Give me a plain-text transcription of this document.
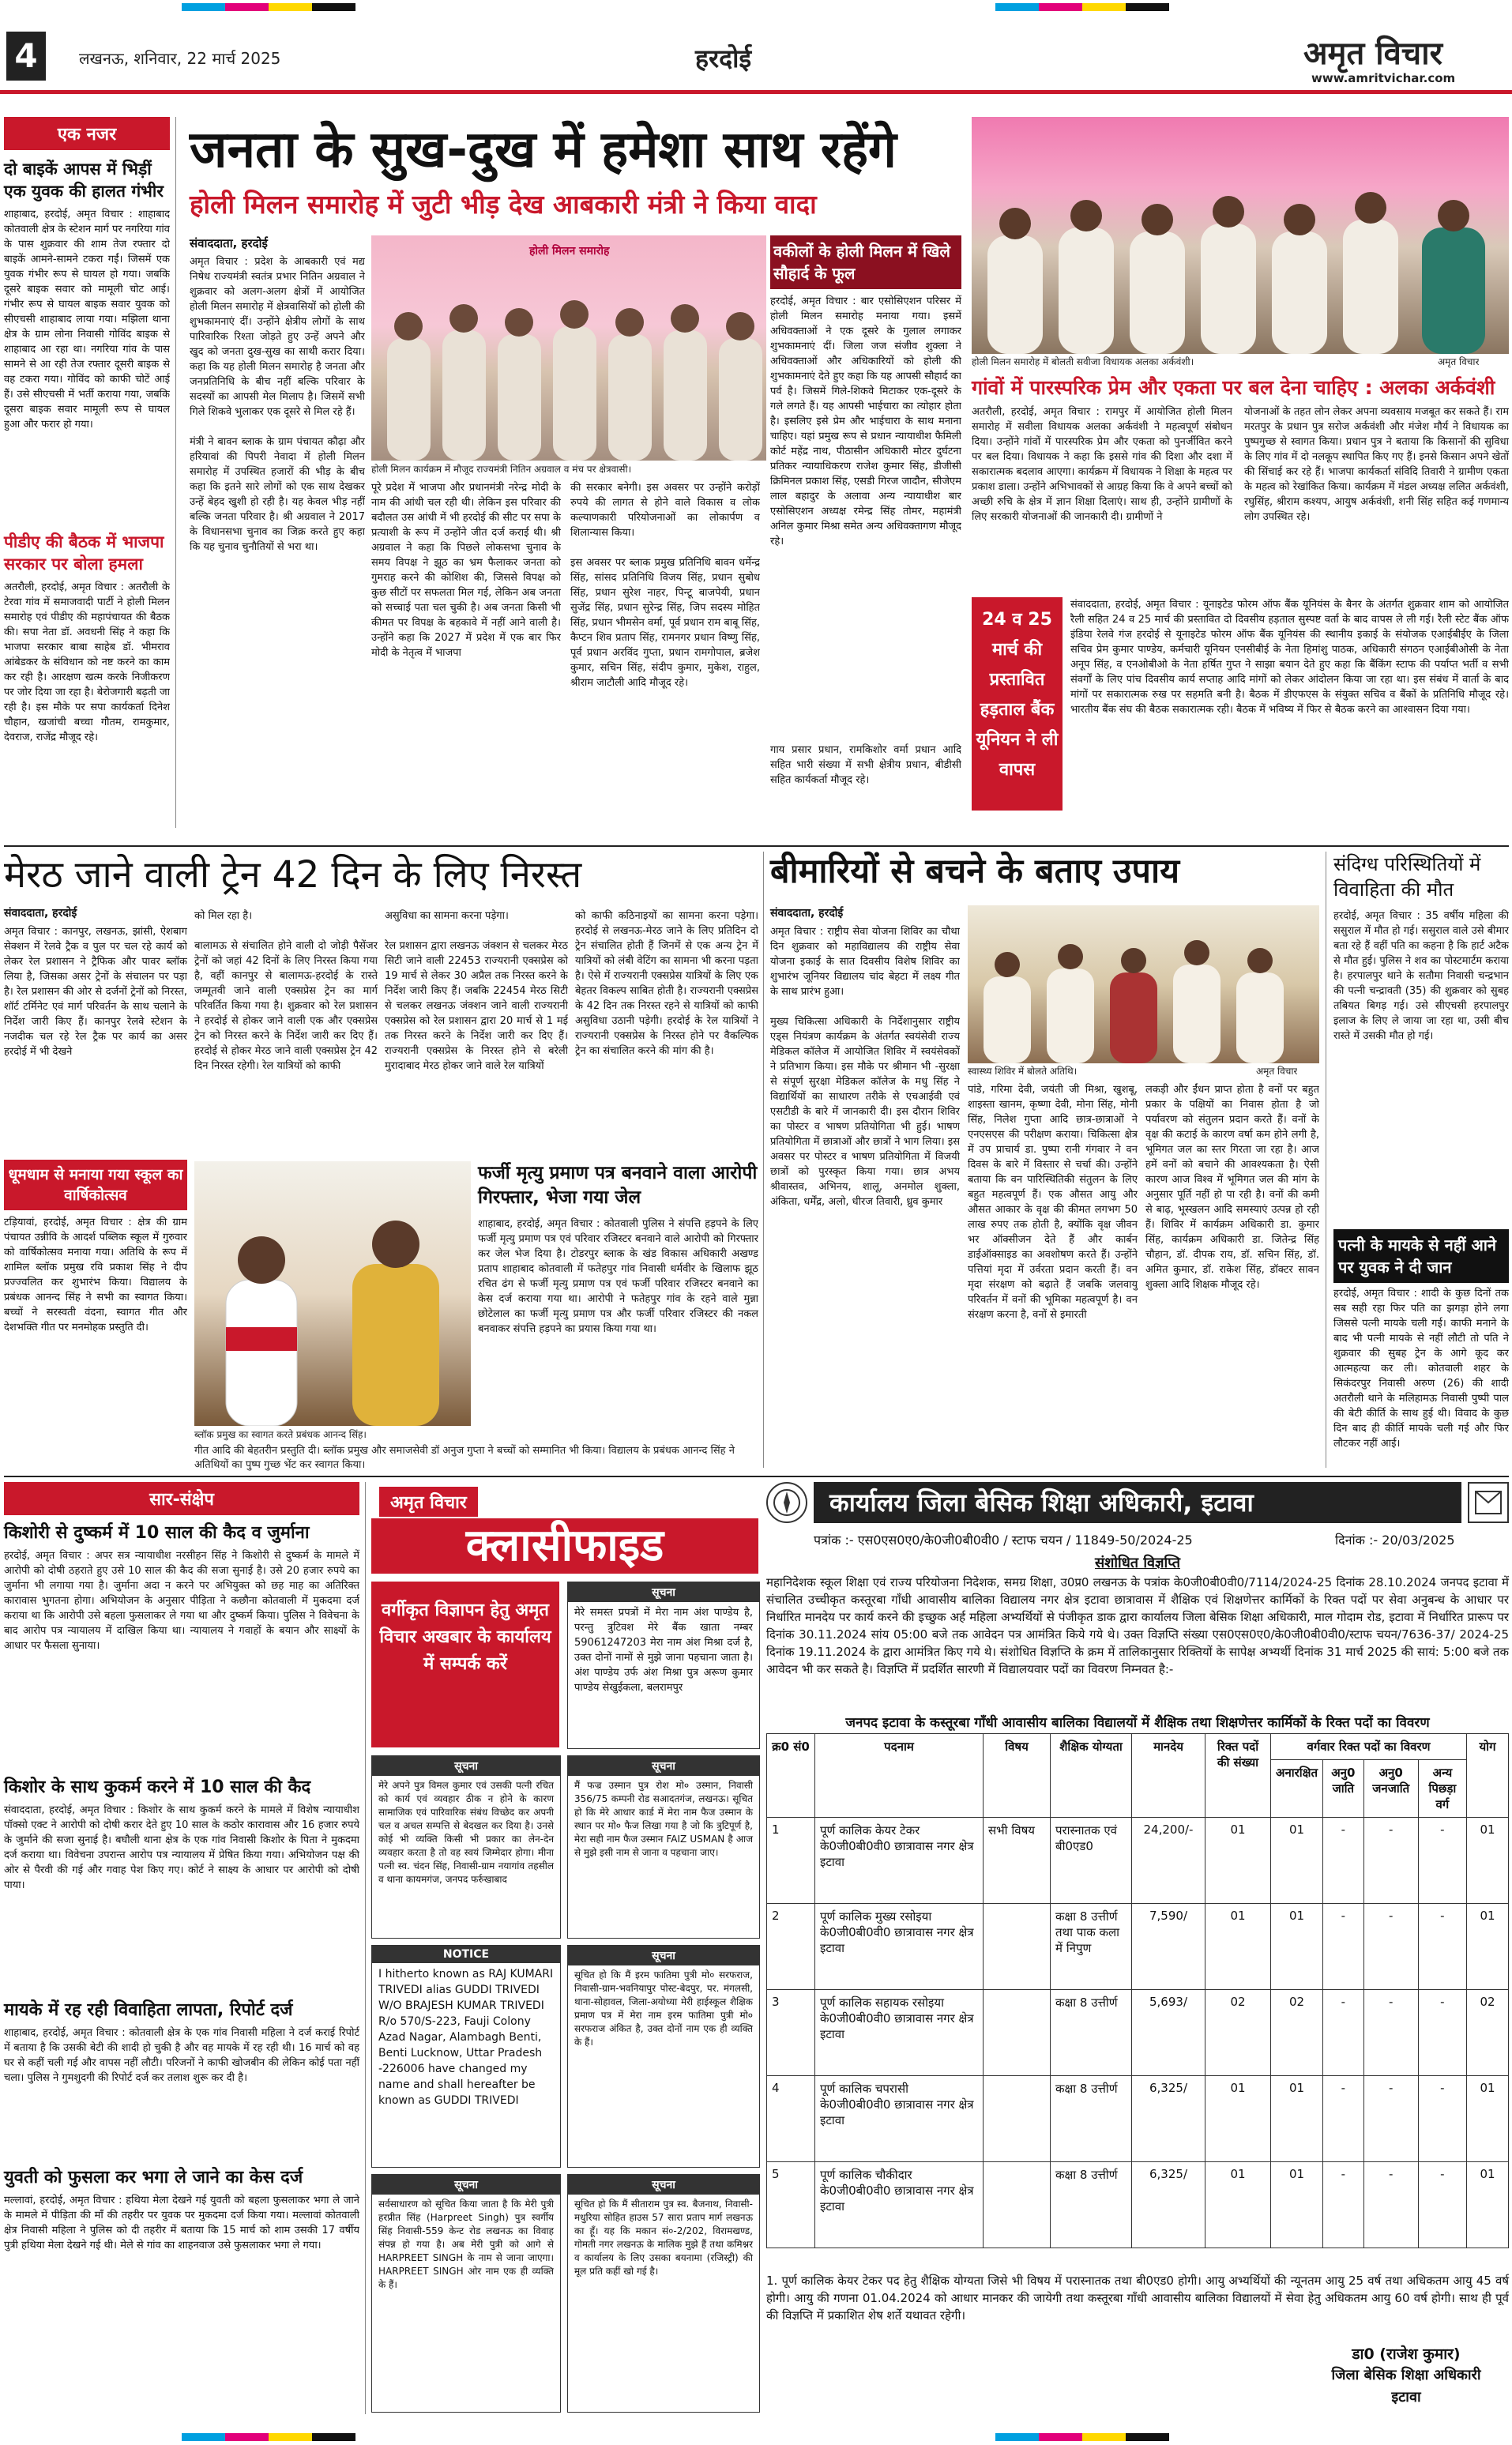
4	लखनऊ, शनिवार, 22 मार्च 2025	हरदोई	अमृत विचार
www.amritvichar.com
एक नजर
दो बाइकें आपस में भिड़ीं एक युवक की हालत गंभीर
शाहाबाद, हरदोई, अमृत विचार : शाहाबाद कोतवाली क्षेत्र के स्टेशन मार्ग पर नगरिया गांव के पास शुक्रवार की शाम तेज रफ्तार दो बाइकें आमने-सामने टकरा गईं। जिसमें एक युवक गंभीर रूप से घायल हो गया। जबकि दूसरे बाइक सवार को मामूली चोट आई। गंभीर रूप से घायल बाइक सवार युवक को सीएचसी शाहाबाद लाया गया। मझिला थाना क्षेत्र के ग्राम लोना निवासी गोविंद बाइक से शाहाबाद आ रहा था। नगरिया गांव के पास सामने से आ रही तेज रफ्तार दूसरी बाइक से वह टकरा गया। गोविंद को काफी चोटें आई हैं। उसे सीएचसी में भर्ती कराया गया, जबकि दूसरा बाइक सवार मामूली रूप से घायल हुआ और फरार हो गया।
पीडीए की बैठक में भाजपा सरकार पर बोला हमला
अतरौली, हरदोई, अमृत विचार : अतरौली के टेरवा गांव में समाजवादी पार्टी ने होली मिलन समारोह एवं पीडीए की महापंचायत की बैठक की। सपा नेता डॉ. अवधनी सिंह ने कहा कि भाजपा सरकार बाबा साहेब डॉ. भीमराव आंबेडकर के संविधान को नष्ट करने का काम कर रही है। आरक्षण खत्म करके निजीकरण पर जोर दिया जा रहा है। बेरोजगारी बढ़ती जा रही है। इस मौके पर सपा कार्यकर्ता दिनेश चौहान, खजांची बच्चा गौतम, रामकुमार, देवराज, राजेंद्र मौजूद रहे।
जनता के सुख-दुख में हमेशा साथ रहेंगे
होली मिलन समारोह में जुटी भीड़ देख आबकारी मंत्री ने किया वादा
संवाददाता, हरदोई
होली मिलन समारोह
होली मिलन कार्यक्रम में मौजूद राज्यमंत्री नितिन अग्रवाल व मंच पर क्षेत्रवासी।
अमृत विचार : प्रदेश के आबकारी एवं मद्य निषेध राज्यमंत्री स्वतंत्र प्रभार नितिन अग्रवाल ने शुक्रवार को अलग-अलग क्षेत्रों में आयोजित होली मिलन समारोह में क्षेत्रवासियों को होली की शुभकामनाएं दीं। उन्होंने क्षेत्रीय लोगों के साथ पारिवारिक रिश्ता जोड़ते हुए उन्हें अपने और खुद को जनता दुख-सुख का साथी करार दिया। कहा कि यह होली मिलन समारोह है जनता और जनप्रतिनिधि के बीच नहीं बल्कि परिवार के सदस्यों का आपसी मेल मिलाप है। जिसमें सभी गिले शिकवे भुलाकर एक दूसरे से मिल रहे हैं।

मंत्री ने बावन ब्लाक के ग्राम पंचायत कौढ़ा और हरियावां की पिपरी नेवादा में होली मिलन समारोह में उपस्थित हजारों की भीड़ के बीच कहा कि इतने सारे लोगों को एक साथ देखकर उन्हें बेहद खुशी हो रही है। यह केवल भीड़ नहीं बल्कि जनता परिवार है। श्री अग्रवाल ने 2017 के विधानसभा चुनाव का जिक्र करते हुए कहा कि यह चुनाव चुनौतियों से भरा था।
पूरे प्रदेश में भाजपा और प्रधानमंत्री नरेन्द्र मोदी के नाम की आंधी चल रही थी। लेकिन इस परिवार की बदौलत उस आंधी में भी हरदोई की सीट पर सपा के प्रत्याशी के रूप में उन्होंने जीत दर्ज कराई थी। श्री अग्रवाल ने कहा कि पिछले लोकसभा चुनाव के समय विपक्ष ने झूठ का भ्रम फैलाकर जनता को गुमराह करने की कोशिश की, जिससे विपक्ष को कुछ सीटों पर सफलता मिल गई, लेकिन अब जनता को सच्चाई पता चल चुकी है। अब जनता किसी भी कीमत पर विपक्ष के बहकावे में नहीं आने वाली है। उन्होंने कहा कि 2027 में प्रदेश में एक बार फिर मोदी के नेतृत्व में भाजपा
की सरकार बनेगी। इस अवसर पर उन्होंने करोड़ों रुपये की लागत से होने वाले विकास व लोक कल्याणकारी परियोजनाओं का लोकार्पण व शिलान्यास किया।

इस अवसर पर ब्लाक प्रमुख प्रतिनिधि बावन धर्मेन्द्र सिंह, सांसद प्रतिनिधि विजय सिंह, प्रधान सुबोध सिंह, प्रधान सुरेश नाहर, पिन्टू बाजपेयी, प्रधान सुजेंद्र सिंह, प्रधान सुरेन्द्र सिंह, जिप सदस्य मोहित सिंह, प्रधान भीमसेन वर्मा, पूर्व प्रधान राम बाबू सिंह, कैप्टन शिव प्रताप सिंह, रामनगर प्रधान विष्णु सिंह, पूर्व प्रधान अरविंद गुप्ता, प्रधान रामगोपाल, ब्रजेश कुमार, सचिन सिंह, संदीप कुमार, मुकेश, राहुल, श्रीराम जाटौली आदि मौजूद रहे।
वकीलों के होली मिलन में खिले सौहार्द के फूल
हरदोई, अमृत विचार : बार एसोसिएशन परिसर में होली मिलन समारोह मनाया गया। इसमें अधिवक्ताओं ने एक दूसरे के गुलाल लगाकर शुभकामनाएं दीं। जिला जज संजीव शुक्ला ने अधिवक्ताओं और अधिकारियों को होली की शुभकामनाएं देते हुए कहा कि यह आपसी सौहार्द का पर्व है। जिसमें गिले-शिकवे मिटाकर एक-दूसरे के गले लगते हैं। यह आपसी भाईचारा का त्योहार होता है। इसलिए इसे प्रेम और भाईचारा के साथ मनाना चाहिए। यहां प्रमुख रूप से प्रधान न्यायाधीश फैमिली कोर्ट महेंद्र नाथ, पीठासीन अधिकारी मोटर दुर्घटना प्रतिकर न्यायाधिकरण राजेश कुमार सिंह, डीजीसी क्रिमिनल प्रकाश सिंह, एसडी गिरज जादौन, सीजेएम लाल बहादुर के अलावा अन्य न्यायाधीश बार एसोसिएशन अध्यक्ष रमेन्द्र सिंह तोमर, महामंत्री अनिल कुमार मिश्रा समेत अन्य अधिवक्तागण मौजूद रहे।
गाय प्रसार प्रधान, रामकिशोर वर्मा प्रधान आदि सहित भारी संख्या में सभी क्षेत्रीय प्रधान, बीडीसी सहित कार्यकर्ता मौजूद रहे।
होली मिलन समारोह में बोलती सवीजा विधायक अलका अर्कवंशी।	अमृत विचार
गांवों में पारस्परिक प्रेम और एकता पर बल देना चाहिए : अलका अर्कवंशी
अतरौली, हरदोई, अमृत विचार : रामपुर में आयोजित होली मिलन समारोह में सवीला विधायक अलका अर्कवंशी ने महत्वपूर्ण संबोधन दिया। उन्होंने गांवों में पारस्परिक प्रेम और एकता को पुनर्जीवित करने पर बल दिया। विधायक ने कहा कि इससे गांव की दिशा और दशा में सकारात्मक बदलाव आएगा। कार्यक्रम में विधायक ने शिक्षा के महत्व पर प्रकाश डाला। उन्होंने अभिभावकों से आग्रह किया कि वे अपने बच्चों को अच्छी रुचि के क्षेत्र में ज्ञान शिक्षा दिलाएं। साथ ही, उन्होंने ग्रामीणों के लिए सरकारी योजनाओं की जानकारी दी। ग्रामीणों ने
योजनाओं के तहत लोन लेकर अपना व्यवसाय मजबूत कर सकते हैं। राम मरतपुर के प्रधान पुत्र सरोज अर्कवंशी और मंजेश मौर्य ने विधायक का पुष्पगुच्छ से स्वागत किया। प्रधान पुत्र ने बताया कि किसानों की सुविधा के लिए गांव में दो नलकूप स्थापित किए गए हैं। इनसे किसान अपने खेतों की सिंचाई कर रहे हैं। भाजपा कार्यकर्ता संविदि तिवारी ने ग्रामीण एकता के महत्व को रेखांकित किया। कार्यक्रम में मंडल अध्यक्ष ललित अर्कवंशी, रघुसिंह, श्रीराम कश्यप, आयुष अर्कवंशी, शनी सिंह सहित कई गणमान्य लोग उपस्थित रहे।
24 व 25 मार्च की प्रस्तावित हड़ताल बैंक यूनियन ने ली वापस
संवाददाता, हरदोई, अमृत विचार : यूनाइटेड फोरम ऑफ बैंक यूनियंस के बैनर के अंतर्गत शुक्रवार शाम को आयोजित रैली सहित 24 व 25 मार्च की प्रस्तावित दो दिवसीय हड़ताल सुस्पष्ट वर्ता के बाद वापस ले ली गई। रैली स्टेट बैंक ऑफ इंडिया रेलवे गंज हरदोई से यूनाइटेड फोरम ऑफ बैंक यूनियंस की स्थानीय इकाई के संयोजक एआईबीईए के जिला सचिव प्रेम कुमार पाण्डेय, कर्मचारी यूनियन एनसीबीई के नेता हिमांशु पाठक, अधिकारी संगठन एआईबीओसी के नेता अनूप सिंह, व एनओबीओ के नेता हर्षित गुप्त ने साझा बयान देते हुए कहा कि बैंकिंग स्टाफ की पर्याप्त भर्ती व सभी संवर्गों के लिए पांच दिवसीय कार्य सप्ताह आदि मांगों को लेकर आंदोलन किया जा रहा था। इस संबंध में वार्ता के बाद मांगों पर सकारात्मक रुख पर सहमति बनी है। बैठक में डीएफएस के संयुक्त सचिव व बैंकों के प्रतिनिधि मौजूद रहे। भारतीय बैंक संघ की बैठक सकारात्मक रही। बैठक में भविष्य में फिर से बैठक करने का आश्वासन दिया गया।
मेरठ जाने वाली ट्रेन 42 दिन के लिए निरस्त
संवाददाता, हरदोई
अमृत विचार : कानपुर, लखनऊ, झांसी, ऐशबाग सेक्शन में रेलवे ट्रैक व पुल पर चल रहे कार्य को लेकर रेल प्रशासन ने ट्रैफिक और पावर ब्लॉक लिया है, जिसका असर ट्रेनों के संचालन पर पड़ा है। रेल प्रशासन की ओर से दर्जनों ट्रेनों को निरस्त, शॉर्ट टर्मिनेट एवं मार्ग परिवर्तन के साथ चलाने के निर्देश जारी किए हैं। कानपुर रेलवे स्टेशन के नजदीक चल रहे रेल ट्रैक पर कार्य का असर हरदोई में भी देखने
को मिल रहा है।

बालामऊ से संचालित होने वाली दो जोड़ी पैसेंजर ट्रेनों को जहां 42 दिनों के लिए निरस्त किया गया है, वहीं कानपुर से बालामऊ-हरदोई के रास्ते जम्मूतवी जाने वाली एक्सप्रेस ट्रेन का मार्ग परिवर्तित किया गया है। शुक्रवार को रेल प्रशासन ने हरदोई से होकर जाने वाली एक और एक्सप्रेस ट्रेन को निरस्त करने के निर्देश जारी कर दिए हैं। हरदोई से होकर मेरठ जाने वाली एक्सप्रेस ट्रेन 42 दिन निरस्त रहेगी। रेल यात्रियों को काफी
असुविधा का सामना करना पड़ेगा।

रेल प्रशासन द्वारा लखनऊ जंक्शन से चलकर मेरठ सिटी जाने वाली 22453 राज्यरानी एक्सप्रेस को 19 मार्च से लेकर 30 अप्रैल तक निरस्त करने के निर्देश जारी किए हैं। जबकि 22454 मेरठ सिटी से चलकर लखनऊ जंक्शन जाने वाली राज्यरानी एक्सप्रेस को रेल प्रशासन द्वारा 20 मार्च से 1 मई तक निरस्त करने के निर्देश जारी कर दिए हैं। राज्यरानी एक्सप्रेस के निरस्त होने से बरेली मुरादाबाद मेरठ होकर जाने वाले रेल यात्रियों
को काफी कठिनाइयों का सामना करना पड़ेगा। हरदोई से लखनऊ-मेरठ जाने के लिए प्रतिदिन दो ट्रेन संचालित होती हैं जिनमें से एक अन्य ट्रेन में यात्रियों को लंबी वेटिंग का सामना भी करना पड़ता है। ऐसे में राज्यरानी एक्सप्रेस यात्रियों के लिए एक बेहतर विकल्प साबित होती है। राज्यरानी एक्सप्रेस के 42 दिन तक निरस्त रहने से यात्रियों को काफी असुविधा उठानी पड़ेगी। हरदोई के रेल यात्रियों ने राज्यरानी एक्सप्रेस के निरस्त होने पर वैकल्पिक ट्रेन का संचालित करने की मांग की है।
धूमधाम से मनाया गया स्कूल का वार्षिकोत्सव
टड़ियावां, हरदोई, अमृत विचार : क्षेत्र की ग्राम पंचायत उन्नीवि के आदर्श पब्लिक स्कूल में गुरुवार को वार्षिकोत्सव मनाया गया। अतिथि के रूप में शामिल ब्लॉक प्रमुख रवि प्रकाश सिंह ने दीप प्रज्ज्वलित कर शुभारंभ किया। विद्यालय के प्रबंधक आनन्द सिंह ने सभी का स्वागत किया। बच्चों ने सरस्वती वंदना, स्वागत गीत और देशभक्ति गीत पर मनमोहक प्रस्तुति दी।
ब्लॉक प्रमुख का स्वागत करते प्रबंधक आनन्द सिंह।
गीत आदि की बेहतरीन प्रस्तुति दी। ब्लॉक प्रमुख और समाजसेवी डॉ अनुज गुप्ता ने बच्चों को सम्मानित भी किया। विद्यालय के प्रबंधक आनन्द सिंह ने अतिथियों का पुष्प गुच्छ भेंट कर स्वागत किया।
फर्जी मृत्यु प्रमाण पत्र बनवाने वाला आरोपी गिरफ्तार, भेजा गया जेल
शाहाबाद, हरदोई, अमृत विचार : कोतवाली पुलिस ने संपत्ति हड़पने के लिए फर्जी मृत्यु प्रमाण पत्र एवं परिवार रजिस्टर बनवाने वाले आरोपी को गिरफ्तार कर जेल भेज दिया है। टोडरपुर ब्लाक के खंड विकास अधिकारी अखण्ड प्रताप शाहाबाद कोतवाली में फतेहपुर गांव निवासी धर्मवीर के खिलाफ झूठ रचित ढंग से फर्जी मृत्यु प्रमाण पत्र एवं फर्जी परिवार रजिस्टर बनवाने का केस दर्ज कराया गया था। आरोपी ने फतेहपुर गांव के रहने वाले मुन्ना छोटेलाल का फर्जी मृत्यु प्रमाण पत्र और फर्जी परिवार रजिस्टर की नकल बनवाकर संपत्ति हड़पने का प्रयास किया गया था।
बीमारियों से बचने के बताए उपाय
संवाददाता, हरदोई
अमृत विचार : राष्ट्रीय सेवा योजना शिविर का चौथा दिन शुक्रवार को महाविद्यालय की राष्ट्रीय सेवा योजना इकाई के सात दिवसीय विशेष शिविर का शुभारंभ जूनियर विद्यालय चांद बेहटा में लक्ष्य गीत के साथ प्रारंभ हुआ।

मुख्य चिकित्सा अधिकारी के निर्देशानुसार राष्ट्रीय एड्स नियंत्रण कार्यक्रम के अंतर्गत स्वयंसेवी राज्य मेडिकल कॉलेज में आयोजित शिविर में स्वयंसेवकों ने प्रतिभाग किया। इस मौके पर श्रीमान भी -सुरक्षा से संपूर्ण सुरक्षा मेडिकल कॉलेज के मधु सिंह ने विद्यार्थियों का साधारण तरीके से एचआईवी एवं एसटीडी के बारे में जानकारी दी। इस दौरान शिविर का पोस्टर व भाषण प्रतियोगिता भी हुई। भाषण प्रतियोगिता में छात्राओं और छात्रों ने भाग लिया। इस अवसर पर पोस्टर व भाषण प्रतियोगिता में विजयी छात्रों को पुरस्कृत किया गया। छात्र अभय श्रीवास्तव, अभिनय, शालू, अनमोल शुक्ला, अंकिता, धर्मेंद्र, अलो, धीरज तिवारी, ध्रुव कुमार
स्वास्थ्य शिविर में बोलते अतिथि।	अमृत विचार
पांडे, गरिमा देवी, जयंती जी मिश्रा, खुशबू, शाइस्ता खानम, कृष्णा देवी, मोना सिंह, मोनी सिंह, निलेश गुप्ता आदि छात्र-छात्राओं ने एनएसएस की परीक्षण कराया। चिकित्सा क्षेत्र में उप प्राचार्य डा. पुष्पा रानी गंगवार ने वन दिवस के बारे में विस्तार से चर्चा की। उन्होंने बताया कि वन पारिस्थितिकी संतुलन के लिए बहुत महत्वपूर्ण हैं। एक औसत आयु और औसत आकार के वृक्ष की कीमत लगभग 50 लाख रुपए तक होती है, क्योंकि वृक्ष जीवन भर ऑक्सीजन देते हैं और कार्बन डाईऑक्साइड का अवशोषण करते हैं। उन्होंने पत्तियां मृदा में उर्वरता प्रदान करती हैं। वन मृदा संरक्षण को बढ़ाते हैं जबकि जलवायु परिवर्तन में वनों की भूमिका महत्वपूर्ण है। वन संरक्षण करना है, वनों से इमारती
लकड़ी और ईंधन प्राप्त होता है वनों पर बहुत प्रकार के पक्षियों का निवास होता है जो पर्यावरण को संतुलन प्रदान करते हैं। वनों के वृक्ष की कटाई के कारण वर्षा कम होने लगी है, भूमिगत जल का स्तर गिरता जा रहा है। आज हमें वनों को बचाने की आवश्यकता है। ऐसी कारण आज विश्व में भूमिगत जल की मांग के अनुसार पूर्ति नहीं हो पा रही है। वनों की कमी से बाढ़, भूस्खलन आदि समस्याएं उत्पन्न हो रही हैं। शिविर में कार्यक्रम अधिकारी डा. कुमार सिंह, कार्यक्रम अधिकारी डा. जितेन्द्र सिंह चौहान, डॉ. दीपक राय, डॉ. सचिन सिंह, डॉ. अमित कुमार, डॉ. राकेश सिंह, डॉक्टर सावन शुक्ला आदि शिक्षक मौजूद रहे।
संदिग्ध परिस्थितियों में विवाहिता की मौत
हरदोई, अमृत विचार : 35 वर्षीय महिला की ससुराल में मौत हो गई। ससुराल वाले उसे बीमार बता रहे हैं वहीं पति का कहना है कि हार्ट अटैक से मौत हुई। पुलिस ने शव का पोस्टमार्टम कराया है। हरपालपुर थाने के सतौमा निवासी चन्द्रभान की पत्नी चन्द्रावती (35) की शुक्रवार को सुबह तबियत बिगड़ गई। उसे सीएचसी हरपालपुर इलाज के लिए ले जाया जा रहा था, उसी बीच रास्ते में उसकी मौत हो गई।
पत्नी के मायके से नहीं आने पर युवक ने दी जान
हरदोई, अमृत विचार : शादी के कुछ दिनों तक सब सही रहा फिर पति का झगड़ा होने लगा जिससे पत्नी मायके चली गई। काफी मनाने के बाद भी पत्नी मायके से नहीं लौटी तो पति ने शुक्रवार की सुबह ट्रेन के आगे कूद कर आत्महत्या कर ली। कोतवाली शहर के सिकंदरपुर निवासी अरुण (26) की शादी अतरौली थाने के मलिहामऊ निवासी पुष्पी पाल की बेटी कीर्ति के साथ हुई थी। विवाद के कुछ दिन बाद ही कीर्ति मायके चली गई और फिर लौटकर नहीं आई।
सार-संक्षेप
किशोरी से दुष्कर्म में 10 साल की कैद व जुर्माना
हरदोई, अमृत विचार : अपर सत्र न्यायाधीश नरसीहन सिंह ने किशोरी से दुष्कर्म के मामले में आरोपी को दोषी ठहराते हुए उसे 10 साल की कैद की सजा सुनाई है। उसे 20 हजार रुपये का जुर्माना भी लगाया गया है। जुर्माना अदा न करने पर अभियुक्त को छह माह का अतिरिक्त कारावास भुगतना होगा। अभियोजन के अनुसार पीड़िता ने कछौना कोतवाली में मुकदमा दर्ज कराया था कि आरोपी उसे बहला फुसलाकर ले गया था और दुष्कर्म किया। पुलिस ने विवेचना के बाद आरोप पत्र न्यायालय में दाखिल किया था। न्यायालय ने गवाहों के बयान और साक्ष्यों के आधार पर फैसला सुनाया।
किशोर के साथ कुकर्म करने में 10 साल की कैद
संवाददाता, हरदोई, अमृत विचार : किशोर के साथ कुकर्म करने के मामले में विशेष न्यायाधीश पॉक्सो एक्ट ने आरोपी को दोषी करार देते हुए 10 साल के कठोर कारावास और 16 हजार रुपये के जुर्माने की सजा सुनाई है। बघौली थाना क्षेत्र के एक गांव निवासी किशोर के पिता ने मुकदमा दर्ज कराया था। विवेचना उपरान्त आरोप पत्र न्यायालय में प्रेषित किया गया। अभियोजन पक्ष की ओर से पैरवी की गई और गवाह पेश किए गए। कोर्ट ने साक्ष्य के आधार पर आरोपी को दोषी पाया।
मायके में रह रही विवाहिता लापता, रिपोर्ट दर्ज
शाहाबाद, हरदोई, अमृत विचार : कोतवाली क्षेत्र के एक गांव निवासी महिला ने दर्ज कराई रिपोर्ट में बताया है कि उसकी बेटी की शादी हो चुकी है और वह मायके में रह रही थी। 16 मार्च को वह घर से कहीं चली गई और वापस नहीं लौटी। परिजनों ने काफी खोजबीन की लेकिन कोई पता नहीं चला। पुलिस ने गुमशुदगी की रिपोर्ट दर्ज कर तलाश शुरू कर दी है।
युवती को फुसला कर भगा ले जाने का केस दर्ज
मल्लावां, हरदोई, अमृत विचार : हथिया मेला देखने गई युवती को बहला फुसलाकर भगा ले जाने के मामले में पीड़िता की माँ की तहरीर पर युवक पर मुकदमा दर्ज किया गया। मल्लावां कोतवाली क्षेत्र निवासी महिला ने पुलिस को दी तहरीर में बताया कि 15 मार्च को शाम उसकी 17 वर्षीय पुत्री हथिया मेला देखने गई थी। मेले से गांव का शाहनवाज उसे फुसलाकर भगा ले गया।
अमृत विचार
क्लासीफाइड
वर्गीकृत विज्ञापन हेतु अमृत विचार अखबार के कार्यालय में सम्पर्क करें
सूचना
मेरे समस्त प्रपत्रों में मेरा नाम अंश पाण्डेय है, परन्तु त्रुटिवश मेरे बैंक खाता नम्बर 59061247203 मेरा नाम अंश मिश्रा दर्ज है, उक्त दोनों नामों से मुझे जाना पहचाना जाता है। अंश पाण्डेय उर्फ अंश मिश्रा पुत्र अरूण कुमार पाण्डेय सेखुईकला, बलरामपुर
सूचना
मेरे अपने पुत्र विमल कुमार एवं उसकी पत्नी रचित को कार्य एवं व्यवहार ठीक न होने के कारण सामाजिक एवं पारिवारिक संबंध विच्छेद कर अपनी चल व अचल सम्पत्ति से बेदखल कर दिया है। उनसे कोई भी व्यक्ति किसी भी प्रकार का लेन-देन व्यवहार करता है तो वह स्वयं जिम्मेदार होगा। मीना पत्नी स्व. चंदन सिंह, निवासी-ग्राम नयागांव तहसील व थाना कायमगंज, जनपद फर्रुखाबाद
सूचना
मैं फज्र उस्मान पुत्र रोश मो० उस्मान, निवासी 356/75 कम्पनी रोड सआदतगंज, लखनऊ। सूचित हो कि मेरे आधार कार्ड में मेरा नाम फैज उस्मान के स्थान पर मो० फैज लिखा गया है जो कि त्रुटिपूर्ण है, मेरा सही नाम फैज उस्मान FAIZ USMAN है आज से मुझे इसी नाम से जाना व पहचाना जाए।
NOTICE
I hitherto known as RAJ KUMARI TRIVEDI alias GUDDI TRIVEDI W/O BRAJESH KUMAR TRIVEDI R/o 570/S-223, Fauji Colony Azad Nagar, Alambagh Benti, Benti Lucknow, Uttar Pradesh -226006 have changed my name and shall hereafter be known as GUDDI TRIVEDI
सूचना
सूचित हो कि मैं इरम फातिमा पुत्री मो० सरफराज, निवासी-ग्राम-भवनियापुर पोस्ट-बेदपुर, पर. मंगलसी, थाना-सोहावल, जिला-अयोध्या मेरी हाईस्कूल शैक्षिक प्रमाण पत्र में मेरा नाम इरम फातिमा पुत्री मो० सरफराज अंकित है, उक्त दोनों नाम एक ही व्यक्ति के हैं।
सूचना
सर्वसाधारण को सूचित किया जाता है कि मेरी पुत्री हरप्रीत सिंह (Harpreet Singh) पुत्र स्वर्गीय सिंह निवासी-559 केन्ट रोड लखनऊ का विवाह संपन्न हो गया है। अब मेरी पुत्री को आगे से HARPREET SINGH के नाम से जाना जाएगा। HARPREET SINGH ओर नाम एक ही व्यक्ति के हैं।
सूचना
सूचित हो कि मैं सीताराम पुत्र स्व. बैजनाथ, निवासी-मधुरिया सोहित हाउस 57 सारा प्रताप मार्ग लखनऊ का हूँ। यह कि मकान सं०-2/202, विरामखण्ड, गोमती नगर लखनऊ के मालिक मुझे हैं तथा कमिश्नर व कार्यालय के लिए उसका बयनामा (रजिस्ट्री) की मूल प्रति कहीं खो गई है।
कार्यालय जिला बेसिक शिक्षा अधिकारी, इटावा
पत्रांक :- एस0एस0ए0/के0जी0बी0वी0 / स्टाफ चयन / 11849-50/2024-25	दिनांक :- 20/03/2025
संशोधित विज्ञप्ति
महानिदेशक स्कूल शिक्षा एवं राज्य परियोजना निदेशक, समग्र शिक्षा, उ0प्र0 लखनऊ के पत्रांक के0जी0बी0वी0/7114/2024-25 दिनांक 28.10.2024 जनपद इटावा में संचालित उच्चीकृत कस्तूरबा गाँधी आवासीय बालिका विद्यालय नगर क्षेत्र इटावा छात्रावास में शैक्षिक एवं शिक्षणेत्तर कार्मिकों के रिक्त पदों पर सेवा अनुबन्ध के आधार पर निर्धारित मानदेय पर कार्य करने की इच्छुक अर्ह महिला अभ्यर्थियों से पंजीकृत डाक द्वारा कार्यालय जिला बेसिक शिक्षा अधिकारी, माल गोदाम रोड, इटावा में निर्धारित प्रारूप पर दिनांक 30.11.2024 सांय 05:00 बजे तक आवेदन पत्र आमंत्रित किये गये थे। उक्त विज्ञप्ति संख्या एस0एस0ए0/के0जी0बी0वी0/स्टाफ चयन/7636-37/ 2024-25 दिनांक 19.11.2024 के द्वारा आमंत्रित किए गये थे। संशोधित विज्ञप्ति के क्रम में तालिकानुसार रिक्तियों के सापेक्ष अभ्यर्थी दिनांक 31 मार्च 2025 की सायं: 5:00 बजे तक आवेदन भी कर सकते है। विज्ञप्ति में प्रदर्शित सारणी में विद्यालयवार पदों का विवरण निम्नवत है:-
जनपद इटावा के कस्तूरबा गाँधी आवासीय बालिका विद्यालयों में शैक्षिक तथा शिक्षणेत्तर कार्मिकों के रिक्त पदों का विवरण
क्र0 सं0	पदनाम	विषय	शैक्षिक योग्यता	मानदेय	रिक्त पदों की संख्या	वर्गवार रिक्त पदों का विवरण				योग
						अनारक्षित	अनु0 जाति	अनु0 जनजाति	अन्य पिछड़ा वर्ग	
1	पूर्ण कालिक केयर टेकर के0जी0बी0वी0 छात्रावास नगर क्षेत्र इटावा	सभी विषय	परास्नातक एवं बी0एड0	24,200/-	01	01	-	-	-	01
2	पूर्ण कालिक मुख्य रसोइया के0जी0बी0वी0 छात्रावास नगर क्षेत्र इटावा		कक्षा 8 उत्तीर्ण तथा पाक कला में निपुण	7,590/	01	01	-	-	-	01
3	पूर्ण कालिक सहायक रसोइया के0जी0बी0वी0 छात्रावास नगर क्षेत्र इटावा		कक्षा 8 उत्तीर्ण	5,693/	02	02	-	-	-	02
4	पूर्ण कालिक चपरासी के0जी0बी0वी0 छात्रावास नगर क्षेत्र इटावा		कक्षा 8 उत्तीर्ण	6,325/	01	01	-	-	-	01
5	पूर्ण कालिक चौकीदार के0जी0बी0वी0 छात्रावास नगर क्षेत्र इटावा		कक्षा 8 उत्तीर्ण	6,325/	01	01	-	-	-	01
1. पूर्ण कालिक केयर टेकर पद हेतु शैक्षिक योग्यता जिसे भी विषय में परास्नातक तथा बी0एड0 होगी। आयु अभ्यर्थियों की न्यूनतम आयु 25 वर्ष तथा अधिकतम आयु 45 वर्ष होगी। आयु की गणना 01.04.2024 को आधार मानकर की जायेगी तथा कस्तूरबा गाँधी आवासीय बालिका विद्यालयों में सेवा हेतु अधिकतम आयु 60 वर्ष होगी। साथ ही पूर्व की विज्ञप्ति में प्रकाशित शेष शर्ते यथावत रहेगी।
डा0 (राजेश कुमार)
जिला बेसिक शिक्षा अधिकारी
इटावा
